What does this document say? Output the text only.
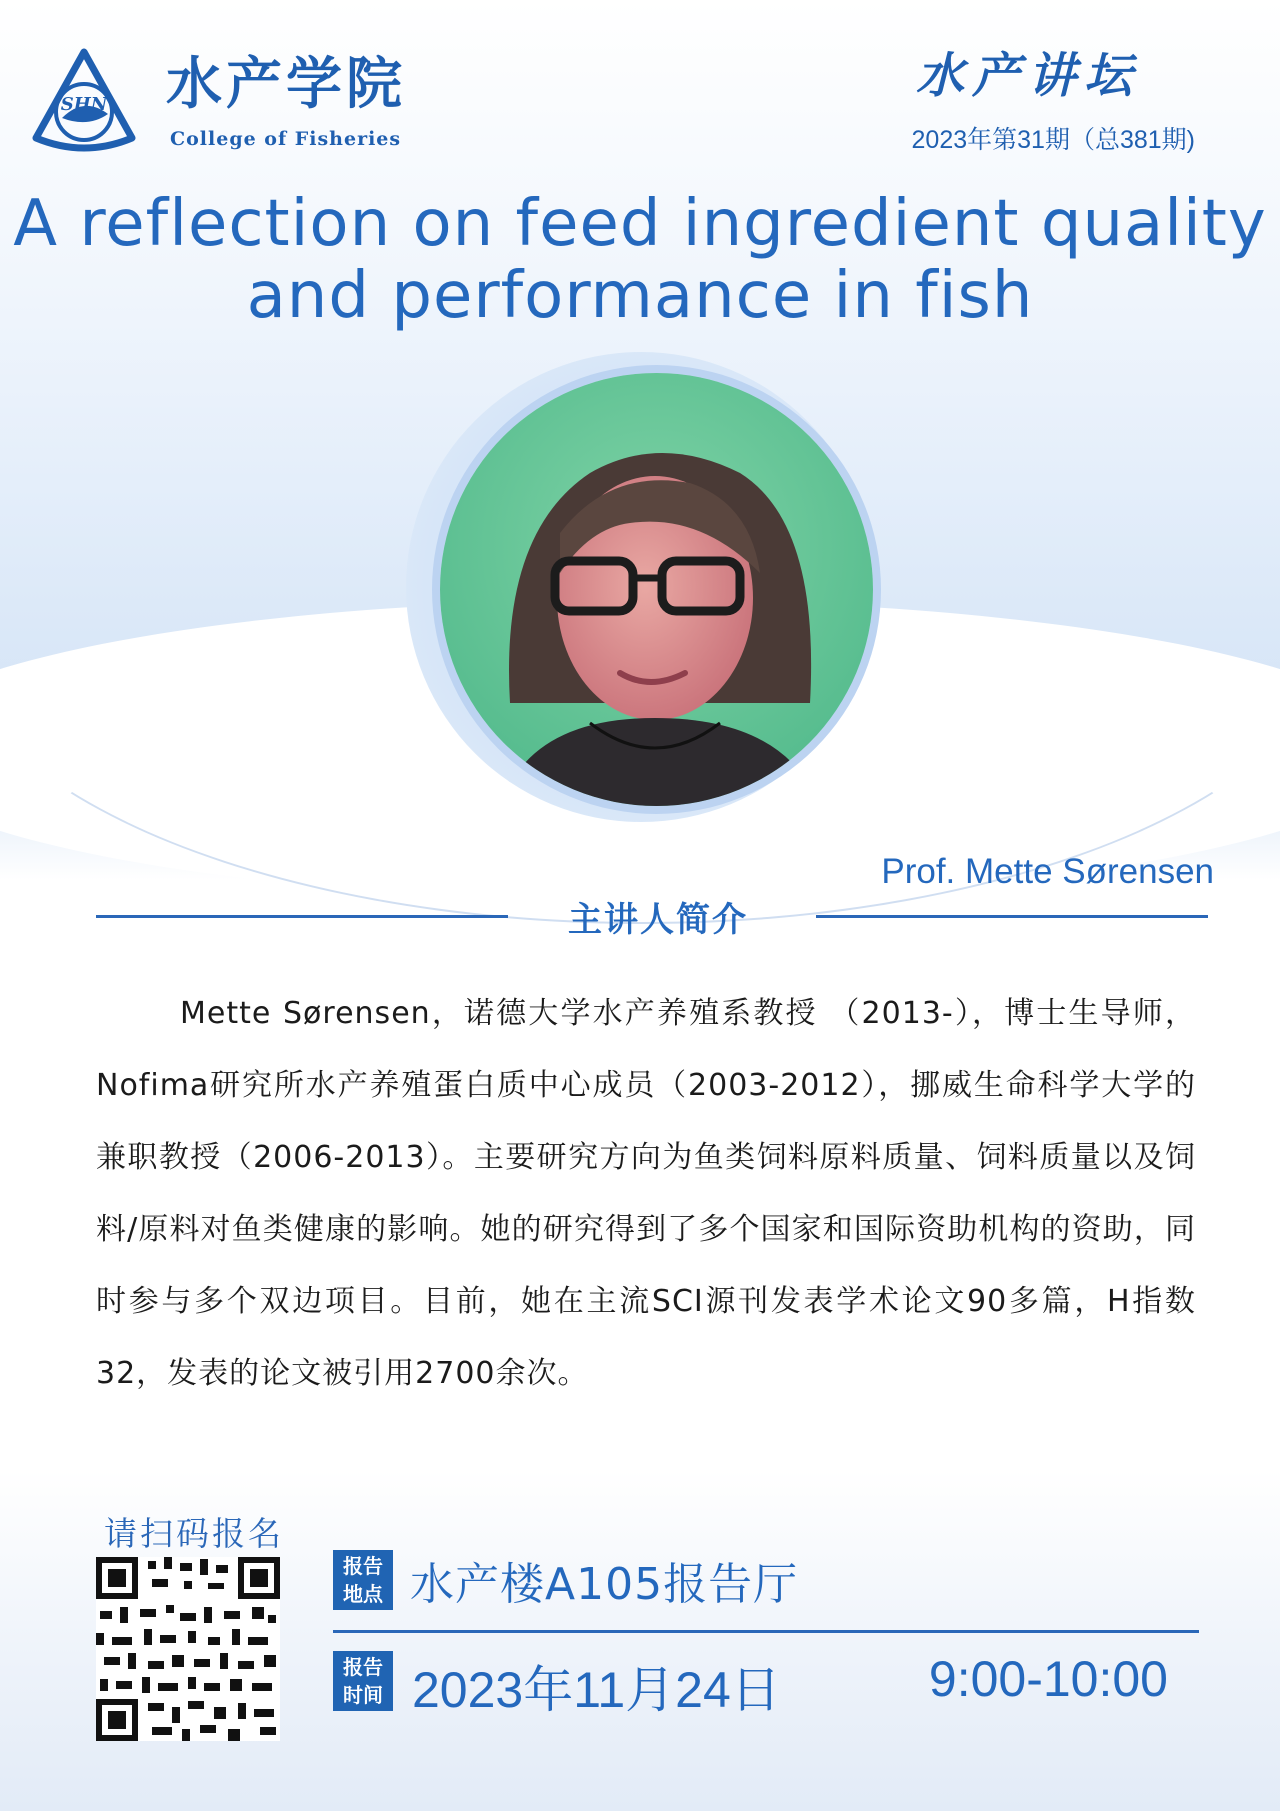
SHN 水产学院
College of Fisheries
水产讲坛
2023年第31期（总381期)
A reflection on feed ingredient quality
and performance in fish
Prof. Mette Sørensen
主讲人简介
Mette Sørensen，诺德大学水产养殖系教授 （2013-），博士生导师，Nofima研究所水产养殖蛋白质中心成员（2003-2012），挪威生命科学大学的兼职教授（2006-2013）。主要研究方向为鱼类饲料原料质量、饲料质量以及饲料/原料对鱼类健康的影响。她的研究得到了多个国家和国际资助机构的资助，同时参与多个双边项目。目前，她在主流SCI源刊发表学术论文90多篇，H指数32，发表的论文被引用2700余次。
请扫码报名
报告
地点 水产楼A105报告厅
报告
时间 2023年11月24日	9:00-10:00
